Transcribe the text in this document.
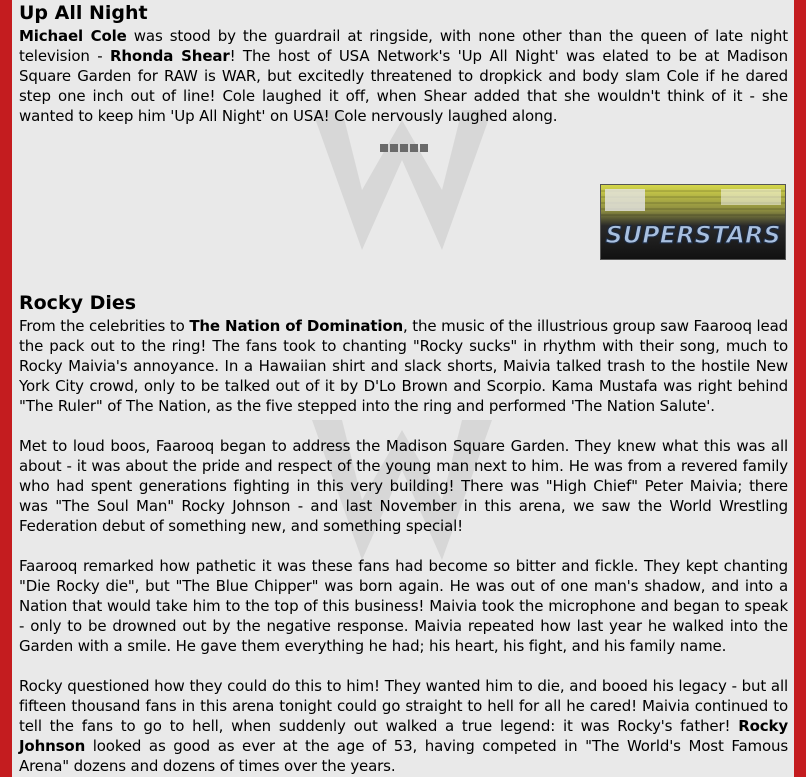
Up All Night

Michael Cole was stood by the guardrail at ringside, with none other than the queen of late night television - Rhonda Shear! The host of USA Network's 'Up All Night' was elated to be at Madison Square Garden for RAW is WAR, but excitedly threatened to dropkick and body slam Cole if he dared step one inch out of line! Cole laughed it off, when Shear added that she wouldn't think of it - she wanted to keep him 'Up All Night' on USA! Cole nervously laughed along.

Rocky Dies

From the celebrities to The Nation of Domination, the music of the illustrious group saw Faarooq lead the pack out to the ring! The fans took to chanting "Rocky sucks" in rhythm with their song, much to Rocky Maivia's annoyance. In a Hawaiian shirt and slack shorts, Maivia talked trash to the hostile New York City crowd, only to be talked out of it by D'Lo Brown and Scorpio. Kama Mustafa was right behind "The Ruler" of The Nation, as the five stepped into the ring and performed 'The Nation Salute'.

Met to loud boos, Faarooq began to address the Madison Square Garden. They knew what this was all about - it was about the pride and respect of the young man next to him. He was from a revered family who had spent generations fighting in this very building! There was "High Chief" Peter Maivia; there was "The Soul Man" Rocky Johnson - and last November in this arena, we saw the World Wrestling Federation debut of something new, and something special!

Faarooq remarked how pathetic it was these fans had become so bitter and fickle. They kept chanting "Die Rocky die", but "The Blue Chipper" was born again. He was out of one man's shadow, and into a Nation that would take him to the top of this business! Maivia took the microphone and began to speak - only to be drowned out by the negative response. Maivia repeated how last year he walked into the Garden with a smile. He gave them everything he had; his heart, his fight, and his family name.

Rocky questioned how they could do this to him! They wanted him to die, and booed his legacy - but all fifteen thousand fans in this arena tonight could go straight to hell for all he cared! Maivia continued to tell the fans to go to hell, when suddenly out walked a true legend: it was Rocky's father! Rocky Johnson looked as good as ever at the age of 53, having competed in "The World's Most Famous Arena" dozens and dozens of times over the years.

SUPERSTARS
